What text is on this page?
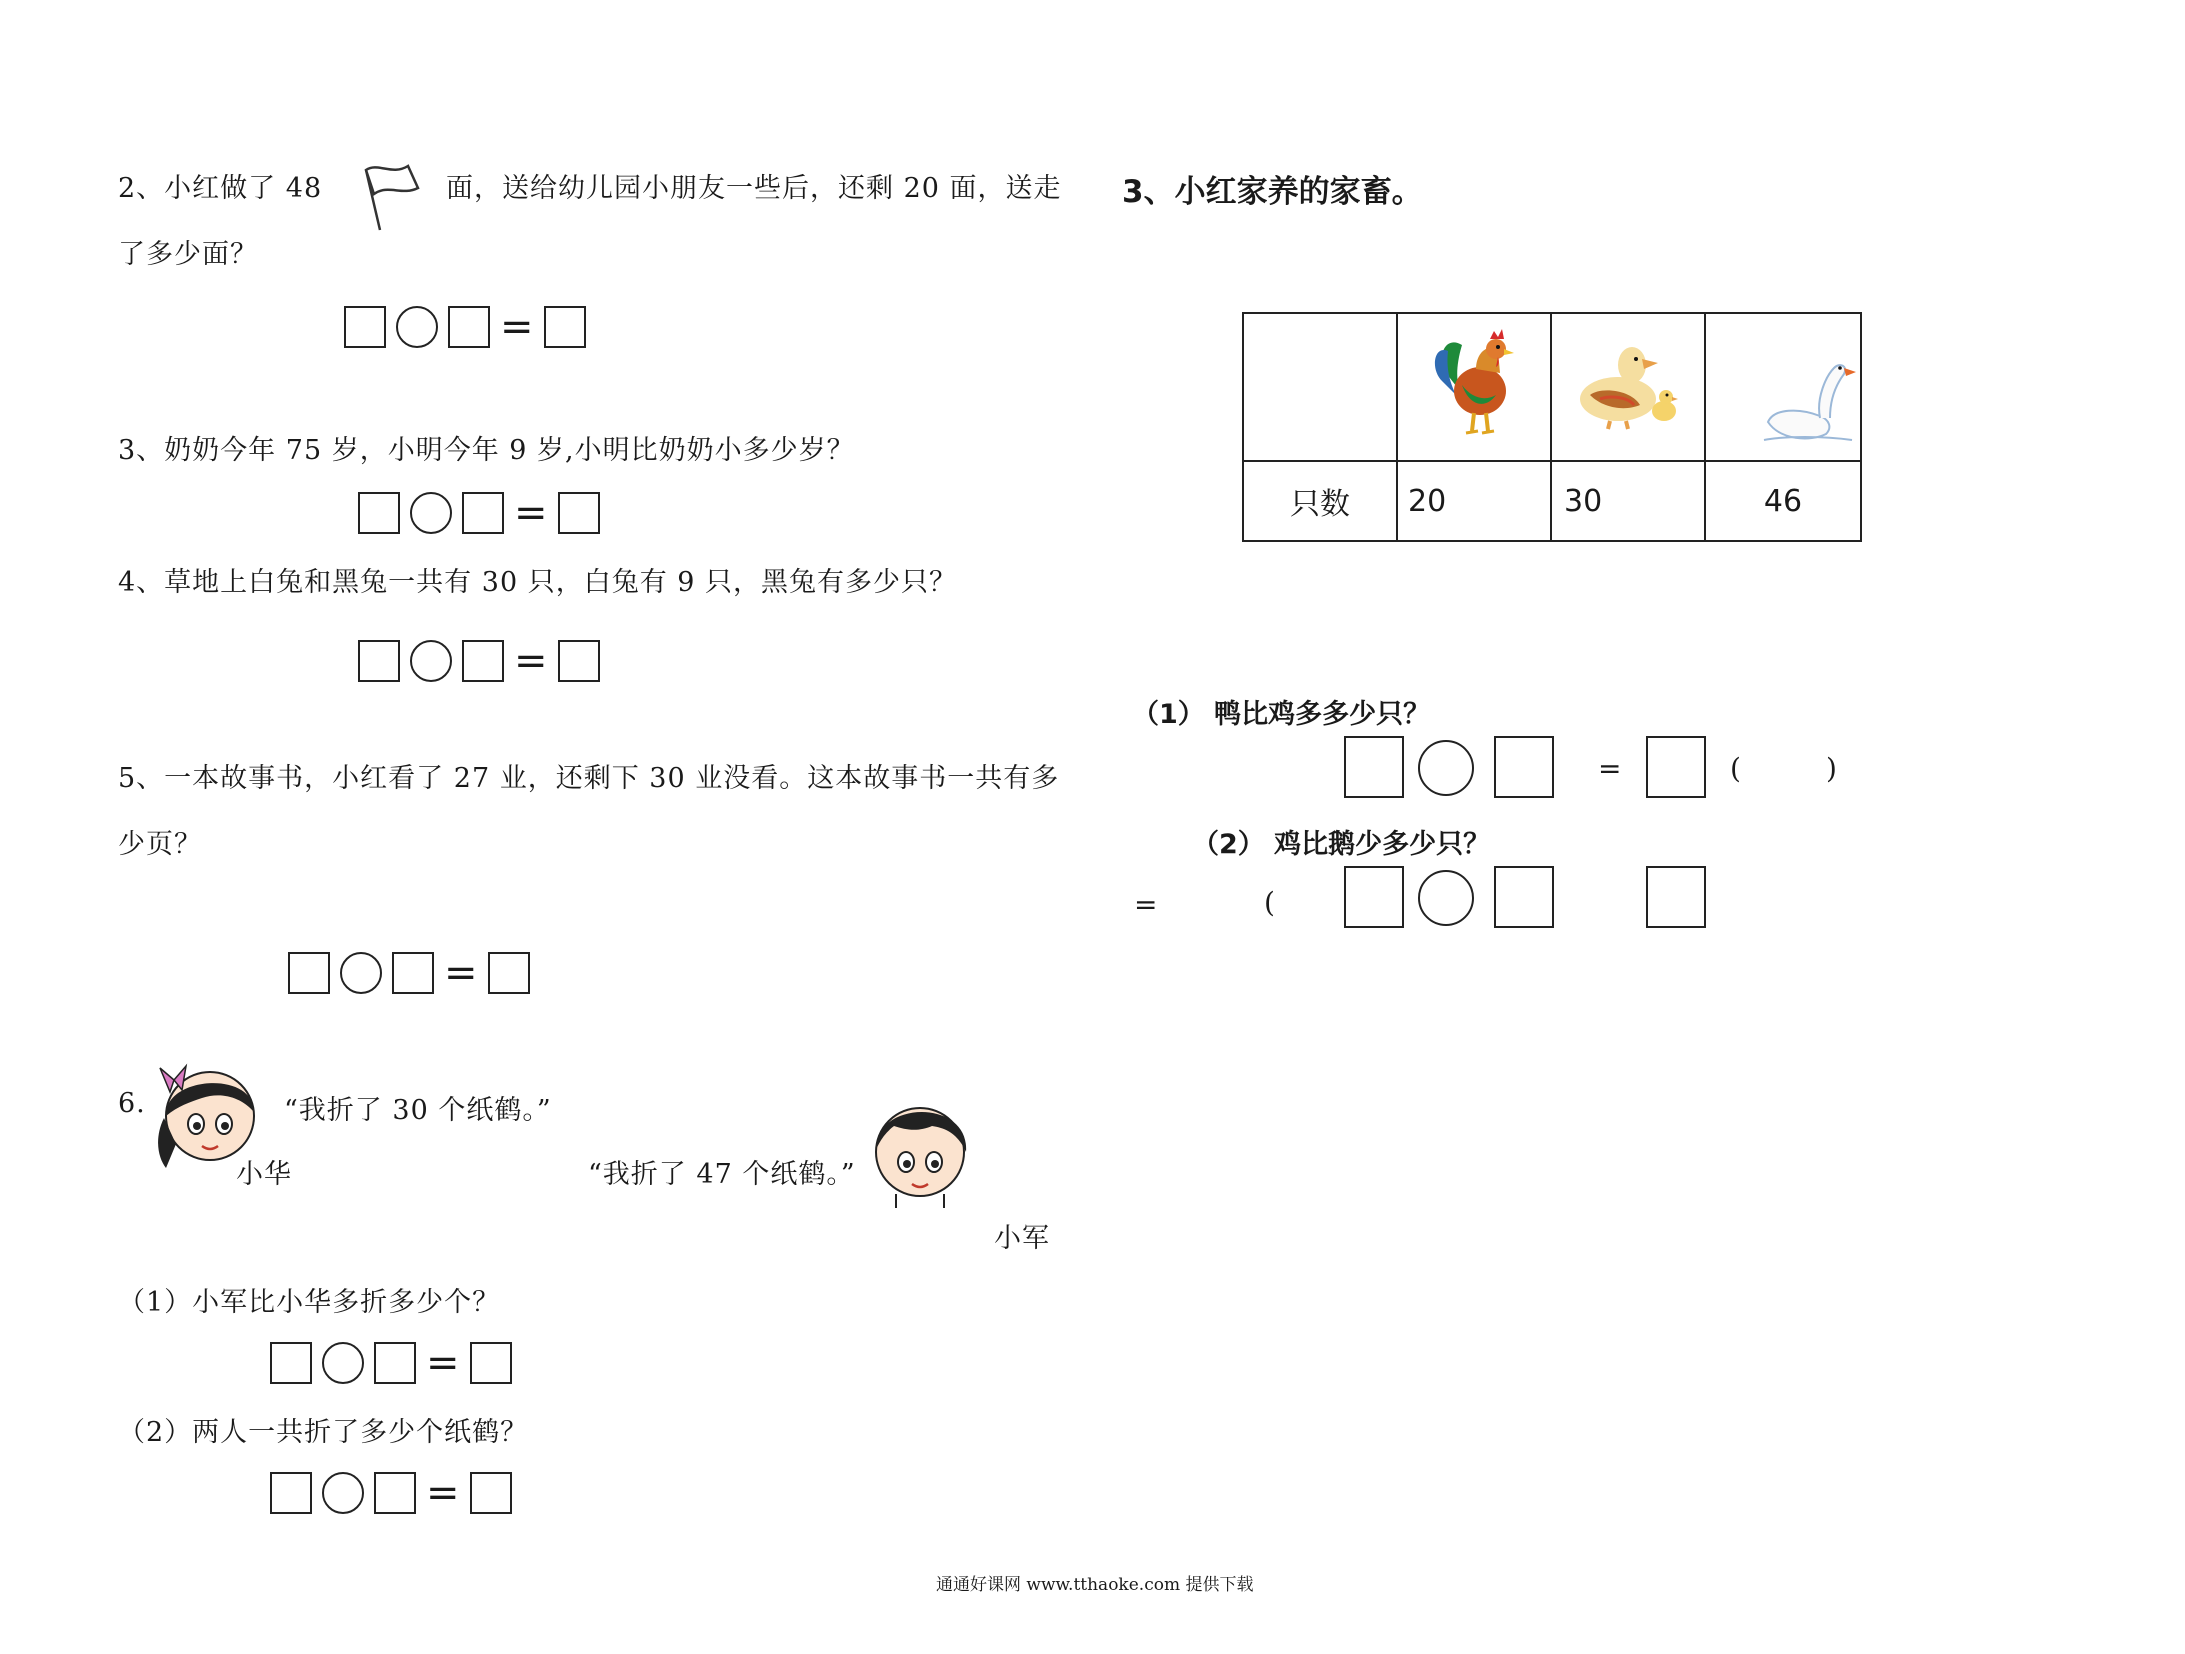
2、小红做了 48	面，送给幼儿园小朋友一些后，还剩 20 面，送走
了多少面？
=
3、奶奶今年 75 岁，小明今年 9 岁,小明比奶奶小多少岁？
=
4、草地上白兔和黑兔一共有 30 只，白兔有 9 只，黑兔有多少只？
=
5、一本故事书，小红看了 27 业，还剩下 30 业没看。这本故事书一共有多
少页？
=
6.	“我折了 30 个纸鹤。”
小华	“我折了 47 个纸鹤。”
小军
（1）小军比小华多折多少个？
=
（2）两人一共折了多少个纸鹤？
=
3、小红家养的家畜。

只数	20	30	46
（1） 鸭比鸡多多少只？
=	(	)
（2） 鸡比鹅少多少只？
=	(
通通好课网 www.tthaoke.com 提供下载
